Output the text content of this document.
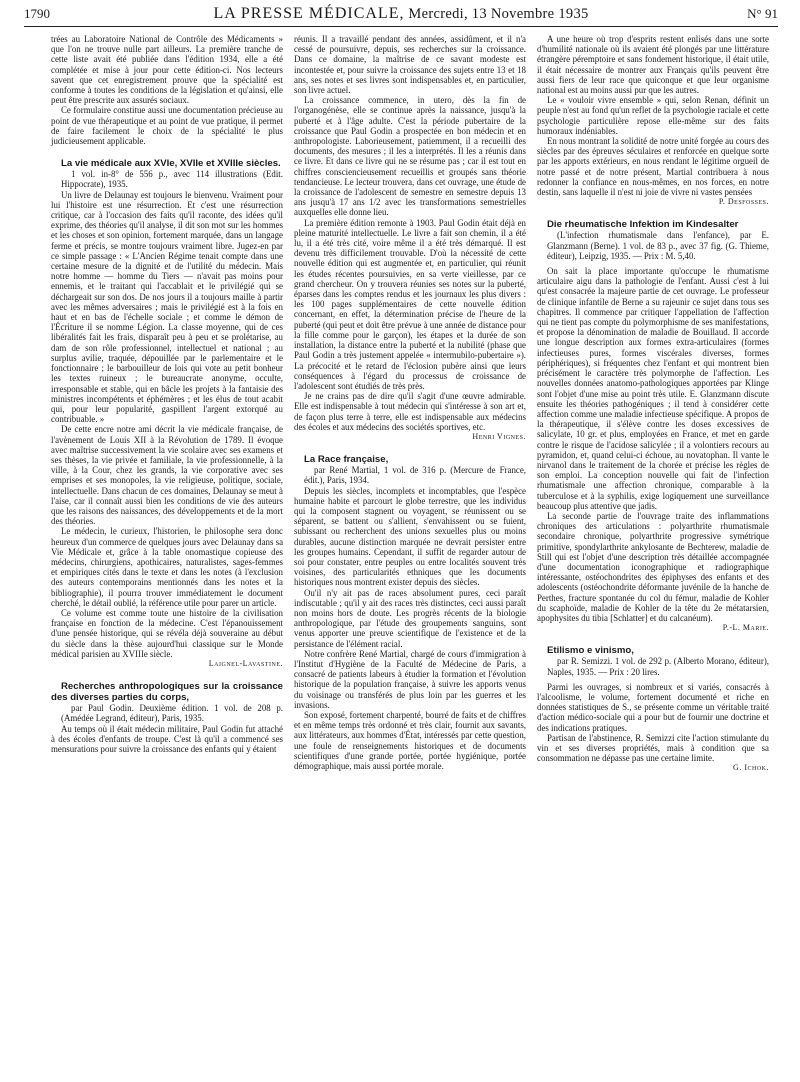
1790	LA PRESSE MÉDICALE, Mercredi, 13 Novembre 1935	N° 91

trées au Laboratoire National de Contrôle des Médicaments » que l'on ne trouve nulle part ailleurs. La première tranche de cette liste avait été publiée dans l'édition 1934, elle a été complétée et mise à jour pour cette édition-ci. Nos lecteurs savent que cet enregistrement prouve que la spécialité est conforme à toutes les conditions de la législation et qu'ainsi, elle peut être prescrite aux assurés sociaux.

Ce formulaire constitue aussi une documentation précieuse au point de vue thérapeutique et au point de vue pratique, il permet de faire facilement le choix de la spécialité le plus judicieusement applicable.

La vie médicale aux XVIe, XVIIe et XVIIIe siècles.

1 vol. in-8° de 556 p., avec 114 illustrations (Edit. Hippocrate), 1935.

Un livre de Delaunay est toujours le bienvenu. Vraiment pour lui l'histoire est une résurrection. Et c'est une résurrection critique, car à l'occasion des faits qu'il raconte, des idées qu'il exprime, des théories qu'il analyse, il dit son mot sur les hommes et les choses et son opinion, fortement marquée, dans un langage ferme et précis, se montre toujours vraiment libre. Jugez-en par ce simple passage : « L'Ancien Régime tenait compte dans une certaine mesure de la dignité et de l'utilité du médecin. Mais notre homme — homme du Tiers — n'avait pas moins pour ennemis, et le traitant qui l'accablait et le privilégié qui se déchargeait sur son dos. De nos jours il a toujours maille à partir avec les mêmes adversaires ; mais le privilégié est à la fois en haut et en bas de l'échelle sociale ; et comme le démon de l'Écriture il se nomme Légion. La classe moyenne, qui de ces libéralités fait les frais, disparaît peu à peu et se prolétarise, au dam de son rôle professionnel, intellectuel et national ; au surplus avilie, traquée, dépouillée par le parlementaire et le fonctionnaire ; le barbouilleur de lois qui vote au petit bonheur les textes ruineux ; le bureaucrate anonyme, occulte, irresponsable et stable, qui en bâcle les projets à la fantaisie des ministres incompétents et éphémères ; et les élus de tout acabit qui, pour leur popularité, gaspillent l'argent extorqué au contribuable. »

De cette encre notre ami décrit la vie médicale française, de l'avènement de Louis XII à la Révolution de 1789. Il évoque avec maîtrise successivement la vie scolaire avec ses examens et ses thèses, la vie privée et familiale, la vie professionnelle, à la ville, à la Cour, chez les grands, la vie corporative avec ses emprises et ses monopoles, la vie religieuse, politique, sociale, intellectuelle. Dans chacun de ces domaines, Delaunay se meut à l'aise, car il connaît aussi bien les conditions de vie des auteurs que les raisons des naissances, des développements et de la mort des théories.

Le médecin, le curieux, l'historien, le philosophe sera donc heureux d'un commerce de quelques jours avec Delaunay dans sa Vie Médicale et, grâce à la table onomastique copieuse des médecins, chirurgiens, apothicaires, naturalistes, sages-femmes et empiriques cités dans le texte et dans les notes (à l'exclusion des auteurs contemporains mentionnés dans les notes et la bibliographie), il pourra trouver immédiatement le document cherché, le détail oublié, la référence utile pour parer un article.

Ce volume est comme toute une histoire de la civilisation française en fonction de la médecine. C'est l'épanouissement d'une pensée historique, qui se révéla déjà souveraine au début du siècle dans la thèse aujourd'hui classique sur le Monde médical parisien au XVIIIe siècle.

Laignel-Lavastine.

Recherches anthropologiques sur la croissance des diverses parties du corps,

par Paul Godin. Deuxième édition. 1 vol. de 208 p. (Amédée Legrand, éditeur), Paris, 1935.

Au temps où il était médecin militaire, Paul Godin fut attaché à des écoles d'enfants de troupe. C'est là qu'il a commencé ses mensurations pour suivre la croissance des enfants qui y étaient

réunis. Il a travaillé pendant des années, assidûment, et il n'a cessé de poursuivre, depuis, ses recherches sur la croissance. Dans ce domaine, la maîtrise de ce savant modeste est incontestée et, pour suivre la croissance des sujets entre 13 et 18 ans, ses notes et ses livres sont indispensables et, en particulier, son livre actuel.

La croissance commence, in utero, dès la fin de l'organogénèse, elle se continue après la naissance, jusqu'à la puberté et à l'âge adulte. C'est la période pubertaire de la croissance que Paul Godin a prospectée en bon médecin et en anthropologiste. Laborieusement, patiemment, il a recueilli des documents, des mesures ; il les a interprétés. Il les a réunis dans ce livre. Et dans ce livre qui ne se résume pas ; car il est tout en chiffres consciencieusement recueillis et groupés sans théorie tendancieuse. Le lecteur trouvera, dans cet ouvrage, une étude de la croissance de l'adolescent de semestre en semestre depuis 13 ans jusqu'à 17 ans 1/2 avec les transformations semestrielles auxquelles elle donne lieu.

La première édition remonte à 1903. Paul Godin était déjà en pleine maturité intellectuelle. Le livre a fait son chemin, il a été lu, il a été très cité, voire même il a été très démarqué. Il est devenu très difficilement trouvable. D'où la nécessité de cette nouvelle édition qui est augmentée et, en particulier, qui réunit les études récentes poursuivies, en sa verte vieillesse, par ce grand chercheur. On y trouvera réunies ses notes sur la puberté, éparses dans les comptes rendus et les journaux les plus divers : les 100 pages supplémentaires de cette nouvelle édition concernant, en effet, la détermination précise de l'heure de la puberté (qui peut et doit être prévue à une année de distance pour la fille comme pour le garçon), les étapes et la durée de son installation, la distance entre la puberté et la nubilité (phase que Paul Godin a très justement appelée « intermubilo-pubertaire »). La précocité et le retard de l'éclosion pubère ainsi que leurs conséquences à l'égard du processus de croissance de l'adolescent sont étudiés de très près.

Je ne crains pas de dire qu'il s'agit d'une œuvre admirable. Elle est indispensable à tout médecin qui s'intéresse à son art et, de façon plus terre à terre, elle est indispensable aux médecins des écoles et aux médecins des sociétés sportives, etc.

Henri Vignes.

La Race française,

par René Martial, 1 vol. de 316 p. (Mercure de France, édit.), Paris, 1934.

Depuis les siècles, incomplets et incomptables, que l'espèce humaine habite et parcourt le globe terrestre, que les individus qui la composent stagnent ou voyagent, se réunissent ou se séparent, se battent ou s'allient, s'envahissent ou se fuient, subissant ou recherchent des unions sexuelles plus ou moins durables, aucune distinction marquée ne devrait persister entre les groupes humains. Cependant, il suffit de regarder autour de soi pour constater, entre peuples ou entre localités souvent très voisines, des particularités ethniques que les documents historiques nous montrent exister depuis des siècles.

Ou'il n'y ait pas de races absolument pures, ceci paraît indiscutable ; qu'il y ait des races très distinctes, ceci aussi paraît non moins hors de doute. Les progrès récents de la biologie anthropologique, par l'étude des groupements sanguins, sont venus apporter une preuve scientifique de l'existence et de la persistance de l'élément racial.

Notre confrère René Martial, chargé de cours d'immigration à l'Institut d'Hygiène de la Faculté de Médecine de Paris, a consacré de patients labeurs à étudier la formation et l'évolution historique de la population française, à suivre les apports venus du voisinage ou transférés de plus loin par les guerres et les invasions.

Son exposé, fortement charpenté, bourré de faits et de chiffres et en même temps très ordonné et très clair, fournit aux savants, aux littérateurs, aux hommes d'État, intéressés par cette question, une foule de renseignements historiques et de documents scientifiques d'une grande portée, portée hygiénique, portée démographique, mais aussi portée morale.

A une heure où trop d'esprits restent enlisés dans une sorte d'humilité nationale où ils avaient été plongés par une littérature étrangère péremptoire et sans fondement historique, il était utile, il était nécessaire de montrer aux Français qu'ils peuvent être aussi fiers de leur race que quiconque et que leur organisme national est au moins aussi pur que les autres.

Le « vouloir vivre ensemble » qui, selon Renan, définit un peuple n'est au fond qu'un reflet de la psychologie raciale et cette psychologie particulière repose elle-même sur des faits humoraux indéniables.

En nous montrant la solidité de notre unité forgée au cours des siècles par des épreuves séculaires et renforcée en quelque sorte par les apports extérieurs, en nous rendant le légitime orgueil de notre passé et de notre présent, Martial contribuera à nous redonner la confiance en nous-mêmes, en nos forces, en notre destin, sans laquelle il n'est ni joie de vivre ni vastes pensées

P. Desfosses.

Die rheumatische Infektion im Kindesalter

(L'infection rhumatismale dans l'enfance), par E. Glanzmann (Berne). 1 vol. de 83 p., avec 37 fig. (G. Thieme, éditeur), Leipzig, 1935. — Prix : M. 5,40.

On sait la place importante qu'occupe le rhumatisme articulaire aigu dans la pathologie de l'enfant. Aussi c'est à lui qu'est consacrée la majeure partie de cet ouvrage. Le professeur de clinique infantile de Berne a su rajeunir ce sujet dans tous ses chapitres. Il commence par critiquer l'appellation de l'affection qui ne tient pas compte du polymorphisme de ses manifestations, et propose la dénomination de maladie de Bouillaud. Il accorde une longue description aux formes extra-articulaires (formes infectieuses pures, formes viscérales diverses, formes périphériques), si fréquentes chez l'enfant et qui montrent bien précisément le caractère très polymorphe de l'affection. Les nouvelles données anatomo-pathologiques apportées par Klinge sont l'objet d'une mise au point très utile. E. Glanzmann discute ensuite les théories pathogéniques ; il tend à considérer cette affection comme une maladie infectieuse spécifique. A propos de la thérapeutique, il s'élève contre les doses excessives de salicylate, 10 gr. et plus, employées en France, et met en garde contre le risque de l'acidose salicylée ; il a volontiers recours au pyramidon, et, quand celui-ci échoue, au novatophan. Il vante le nirvanol dans le traitement de la chorée et précise les règles de son emploi. La conception nouvelle qui fait de l'infection rhumatismale une affection chronique, comparable à la tuberculose et à la syphilis, exige logiquement une surveillance beaucoup plus attentive que jadis.

La seconde partie de l'ouvrage traite des inflammations chroniques des articulations : polyarthrite rhumatismale secondaire chronique, polyarthrite progressive symétrique primitive, spondylarthrite ankylosante de Bechterew, maladie de Still qui est l'objet d'une description très détaillée accompagnée d'une documentation iconographique et radiographique intéressante, ostéochondrites des épiphyses des enfants et des adolescents (ostéochondrite déformante juvénile de la hanche de Perthes, fracture spontanée du col du fémur, maladie de Kohler du scaphoïde, maladie de Kohler de la tête du 2e métatarsien, apophysites du tibia [Schlatter] et du calcanéum).

P.-L. Marie.

Etilismo e vinismo,

par R. Semizzi. 1 vol. de 292 p. (Alberto Morano, éditeur), Naples, 1935. — Prix : 20 lires.

Parmi les ouvrages, si nombreux et si variés, consacrés à l'alcoolisme, le volume, fortement documenté et riche en données statistiques de S., se présente comme un véritable traité d'action médico-sociale qui a pour but de fournir une doctrine et des indications pratiques.

Partisan de l'abstinence, R. Semizzi cite l'action stimulante du vin et ses diverses propriétés, mais à condition que sa consommation ne dépasse pas une certaine limite.

G. Ichok.
